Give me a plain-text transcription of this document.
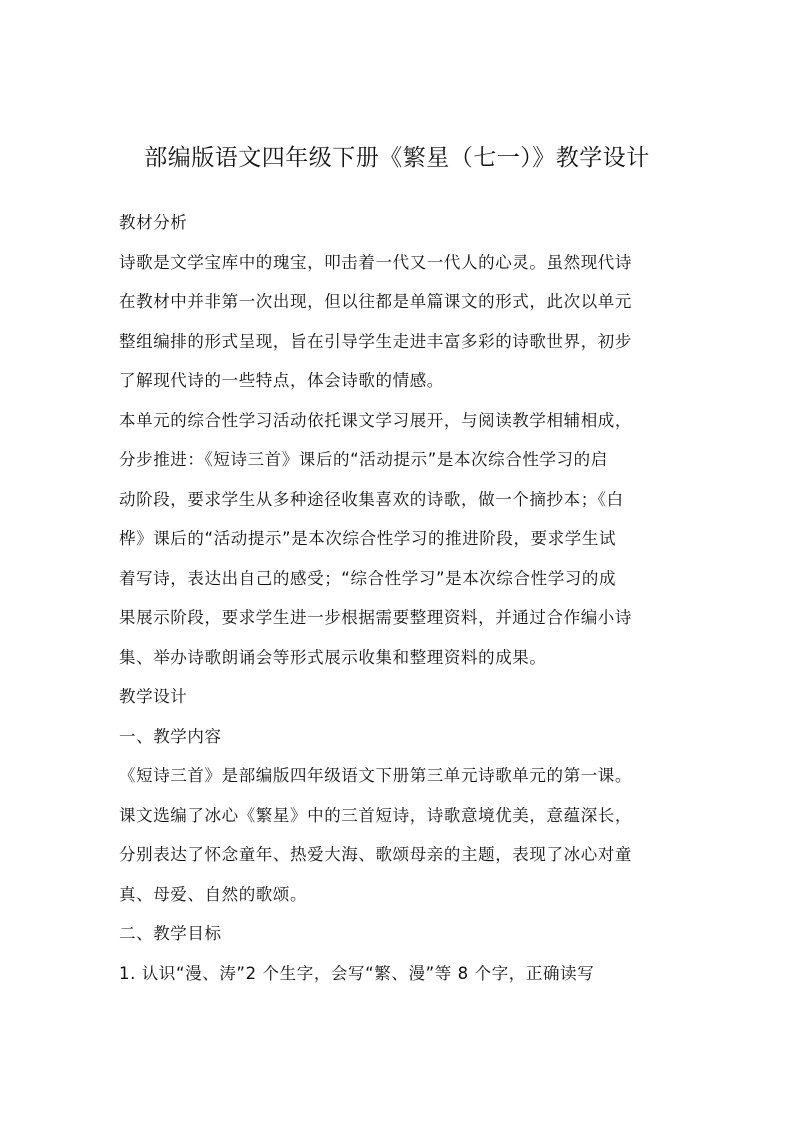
部编版语文四年级下册《繁星（七一）》教学设计
教材分析
诗歌是文学宝库中的瑰宝，叩击着一代又一代人的心灵。虽然现代诗
在教材中并非第一次出现，但以往都是单篇课文的形式，此次以单元
整组编排的形式呈现，旨在引导学生走进丰富多彩的诗歌世界，初步
了解现代诗的一些特点，体会诗歌的情感。
本单元的综合性学习活动依托课文学习展开，与阅读教学相辅相成，
分步推进：《短诗三首》课后的“活动提示”是本次综合性学习的启
动阶段，要求学生从多种途径收集喜欢的诗歌，做一个摘抄本；《白
桦》课后的“活动提示”是本次综合性学习的推进阶段，要求学生试
着写诗，表达出自己的感受；“综合性学习”是本次综合性学习的成
果展示阶段，要求学生进一步根据需要整理资料，并通过合作编小诗
集、举办诗歌朗诵会等形式展示收集和整理资料的成果。
教学设计
一、教学内容
《短诗三首》是部编版四年级语文下册第三单元诗歌单元的第一课。
课文选编了冰心《繁星》中的三首短诗，诗歌意境优美，意蕴深长，
分别表达了怀念童年、热爱大海、歌颂母亲的主题，表现了冰心对童
真、母爱、自然的歌颂。
二、教学目标
1. 认识“漫、涛”2 个生字，会写“繁、漫”等 8 个字，正确读写
